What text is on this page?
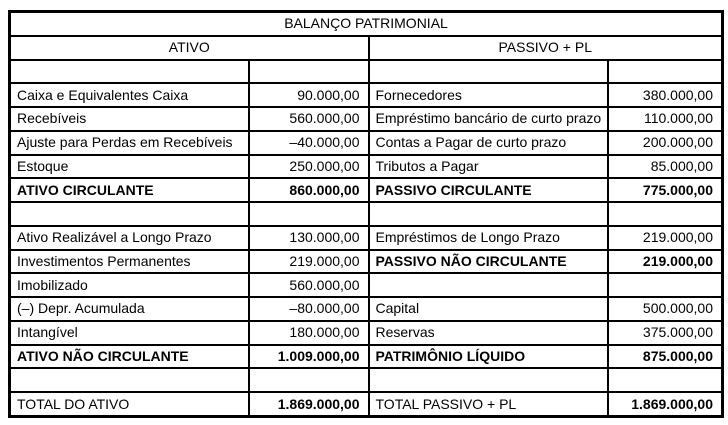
BALANÇO PATRIMONIAL			
ATIVO		PASSIVO + PL	

Caixa e Equivalentes Caixa	90.000,00	Fornecedores	380.000,00
Recebíveis	560.000,00	Empréstimo bancário de curto prazo	110.000,00
Ajuste para Perdas em Recebíveis	–40.000,00	Contas a Pagar de curto prazo	200.000,00
Estoque	250.000,00	Tributos a Pagar	85.000,00
ATIVO CIRCULANTE	860.000,00	PASSIVO CIRCULANTE	775.000,00

Ativo Realizável a Longo Prazo	130.000,00	Empréstimos de Longo Prazo	219.000,00
Investimentos Permanentes	219.000,00	PASSIVO NÃO CIRCULANTE	219.000,00
Imobilizado	560.000,00		
(–) Depr. Acumulada	–80.000,00	Capital	500.000,00
Intangível	180.000,00	Reservas	375.000,00
ATIVO NÃO CIRCULANTE	1.009.000,00	PATRIMÔNIO LÍQUIDO	875.000,00

TOTAL DO ATIVO	1.869.000,00	TOTAL PASSIVO + PL	1.869.000,00
